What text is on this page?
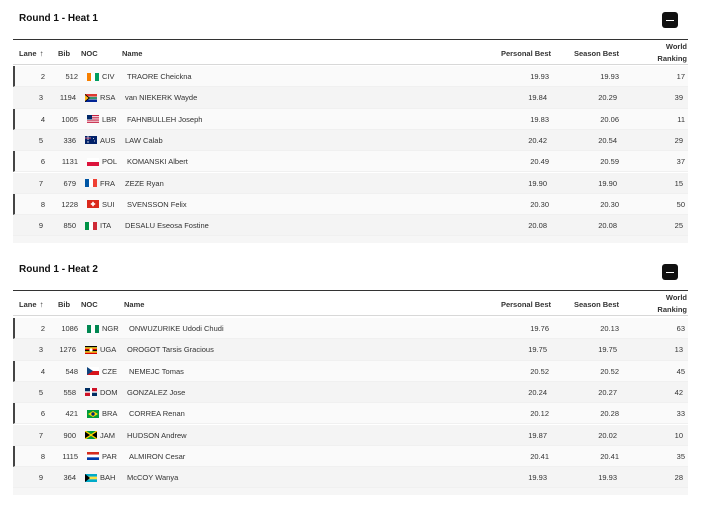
Round 1 - Heat 1
Lane ↑ Bib NOC	Name	Personal Best	Season Best
World
Ranking
2	512	CIV TRAORE Cheickna	19.93	19.93	17
3	1194	RSA van NIEKERK Wayde	19.84	20.29	39
4	1005	LBR FAHNBULLEH Joseph	19.83	20.06	11
5	336	AUS LAW Calab	20.42	20.54	29
6	1131	POL KOMANSKI Albert	20.49	20.59	37
7	679	FRA ZEZE Ryan	19.90	19.90	15
8	1228	SUI SVENSSON Felix	20.30	20.30	50
9	850	ITA DESALU Eseosa Fostine	20.08	20.08	25
Round 1 - Heat 2
Lane ↑ Bib NOC	Name	Personal Best	Season Best
World
Ranking
2	1086	NGR ONWUZURIKE Udodi Chudi	19.76	20.13	63
3	1276	UGA OROGOT Tarsis Gracious	19.75	19.75	13
4	548	CZE NEMEJC Tomas	20.52	20.52	45
5	558	DOM GONZALEZ Jose	20.24	20.27	42
6	421	BRA CORREA Renan	20.12	20.28	33
7	900	JAM HUDSON Andrew	19.87	20.02	10
8	1115	PAR ALMIRON Cesar	20.41	20.41	35
9	364	BAH McCOY Wanya	19.93	19.93	28
